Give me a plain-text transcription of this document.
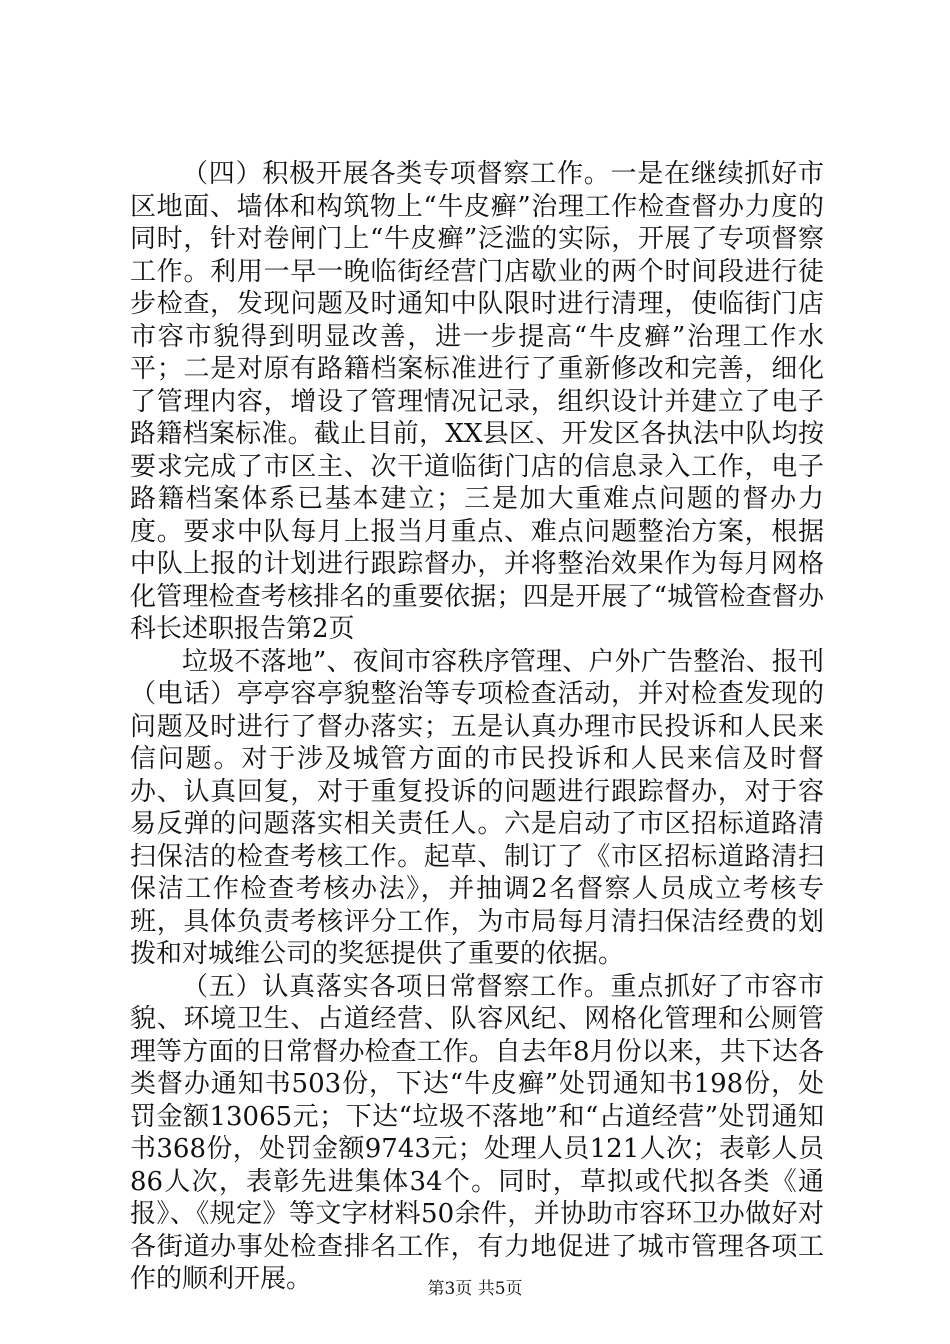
（四）积极开展各类专项督察工作。一是在继续抓好市区地面、墙体和构筑物上“牛皮癣”治理工作检查督办力度的同时，针对卷闸门上“牛皮癣”泛滥的实际，开展了专项督察工作。利用一早一晚临街经营门店歇业的两个时间段进行徒步检查，发现问题及时通知中队限时进行清理，使临街门店市容市貌得到明显改善，进一步提高“牛皮癣”治理工作水平；二是对原有路籍档案标准进行了重新修改和完善，细化了管理内容，增设了管理情况记录，组织设计并建立了电子路籍档案标准。截止目前，XX县区、开发区各执法中队均按要求完成了市区主、次干道临街门店的信息录入工作，电子路籍档案体系已基本建立；三是加大重难点问题的督办力度。要求中队每月上报当月重点、难点问题整治方案，根据中队上报的计划进行跟踪督办，并将整治效果作为每月网格化管理检查考核排名的重要依据；四是开展了“城管检查督办科长述职报告第2页

垃圾不落地”、夜间市容秩序管理、户外广告整治、报刊（电话）亭亭容亭貌整治等专项检查活动，并对检查发现的问题及时进行了督办落实；五是认真办理市民投诉和人民来信问题。对于涉及城管方面的市民投诉和人民来信及时督办、认真回复，对于重复投诉的问题进行跟踪督办，对于容易反弹的问题落实相关责任人。六是启动了市区招标道路清扫保洁的检查考核工作。起草、制订了《市区招标道路清扫保洁工作检查考核办法》，并抽调2名督察人员成立考核专班，具体负责考核评分工作，为市局每月清扫保洁经费的划拨和对城维公司的奖惩提供了重要的依据。

（五）认真落实各项日常督察工作。重点抓好了市容市貌、环境卫生、占道经营、队容风纪、网格化管理和公厕管理等方面的日常督办检查工作。自去年8月份以来，共下达各类督办通知书503份，下达“牛皮癣”处罚通知书198份，处罚金额13065元；下达“垃圾不落地”和“占道经营”处罚通知书368份，处罚金额9743元；处理人员121人次；表彰人员86人次，表彰先进集体34个。同时，草拟或代拟各类《通报》、《规定》等文字材料50余件，并协助市容环卫办做好对各街道办事处检查排名工作，有力地促进了城市管理各项工作的顺利开展。	第3页 共5页
